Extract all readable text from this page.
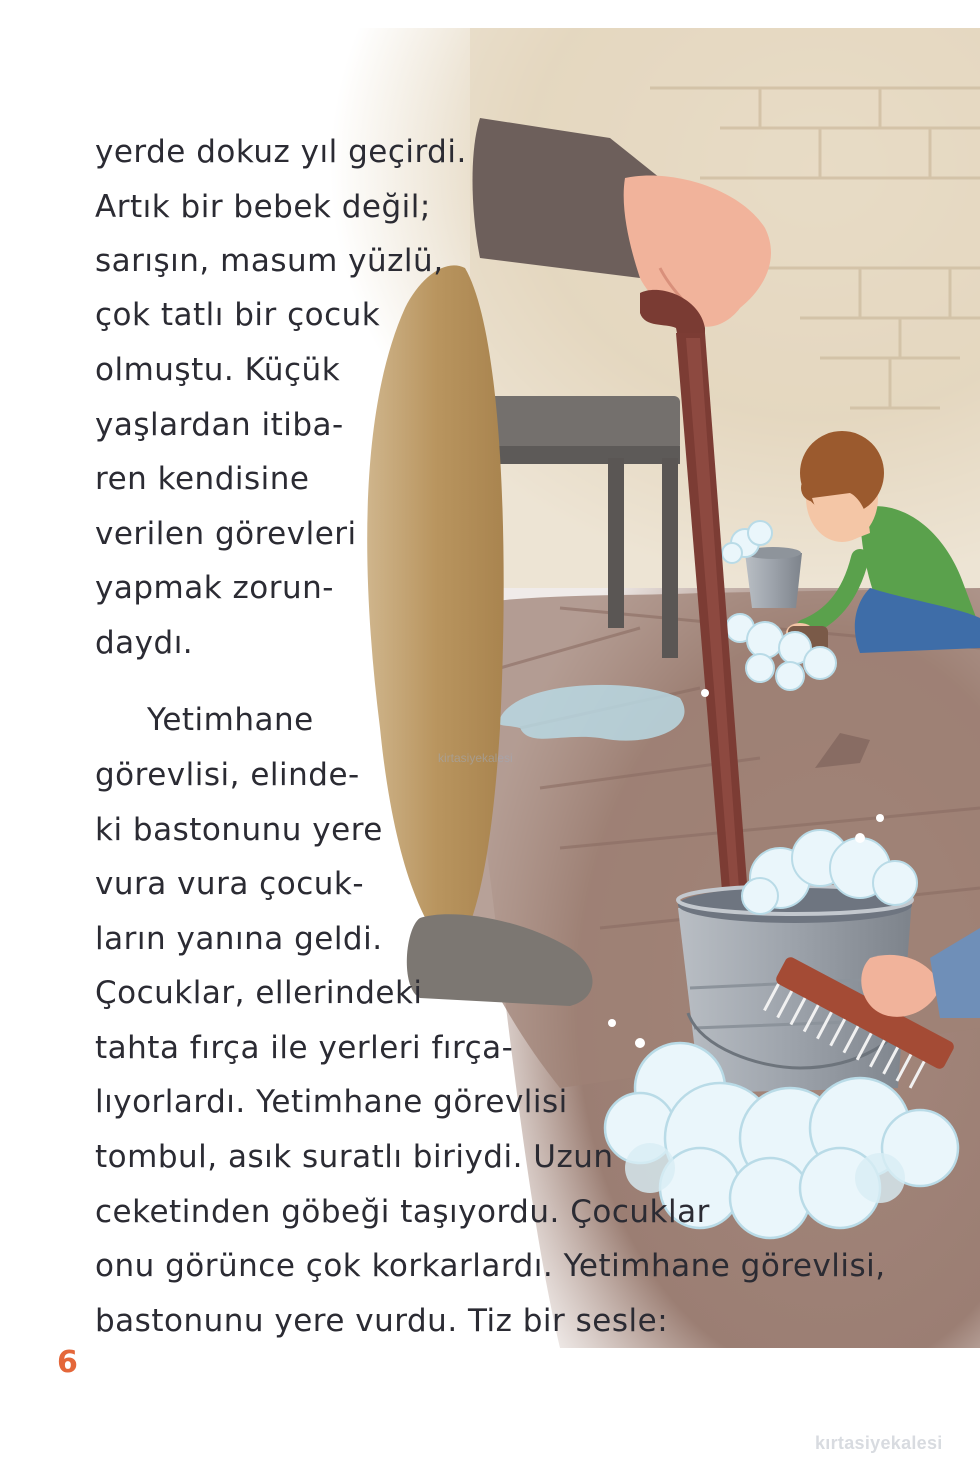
yerde dokuz yıl geçirdi.
Artık bir bebek değil;
sarışın, masum yüzlü,
çok tatlı bir çocuk
olmuştu. Küçük
yaşlardan itiba-
ren kendisine
verilen görevleri
yapmak zorun-
daydı.
Yetimhane
görevlisi, elinde-
ki bastonunu yere
vura vura çocuk-
ların yanına geldi.
Çocuklar, ellerindeki
tahta fırça ile yerleri fırça-
lıyorlardı. Yetimhane görevlisi
tombul, asık suratlı biriydi. Uzun
ceketinden göbeği taşıyordu. Çocuklar
onu görünce çok korkarlardı. Yetimhane görevlisi,
bastonunu yere vurdu. Tiz bir sesle:
kirtasiyekalesi
6
kırtasiyekalesi
